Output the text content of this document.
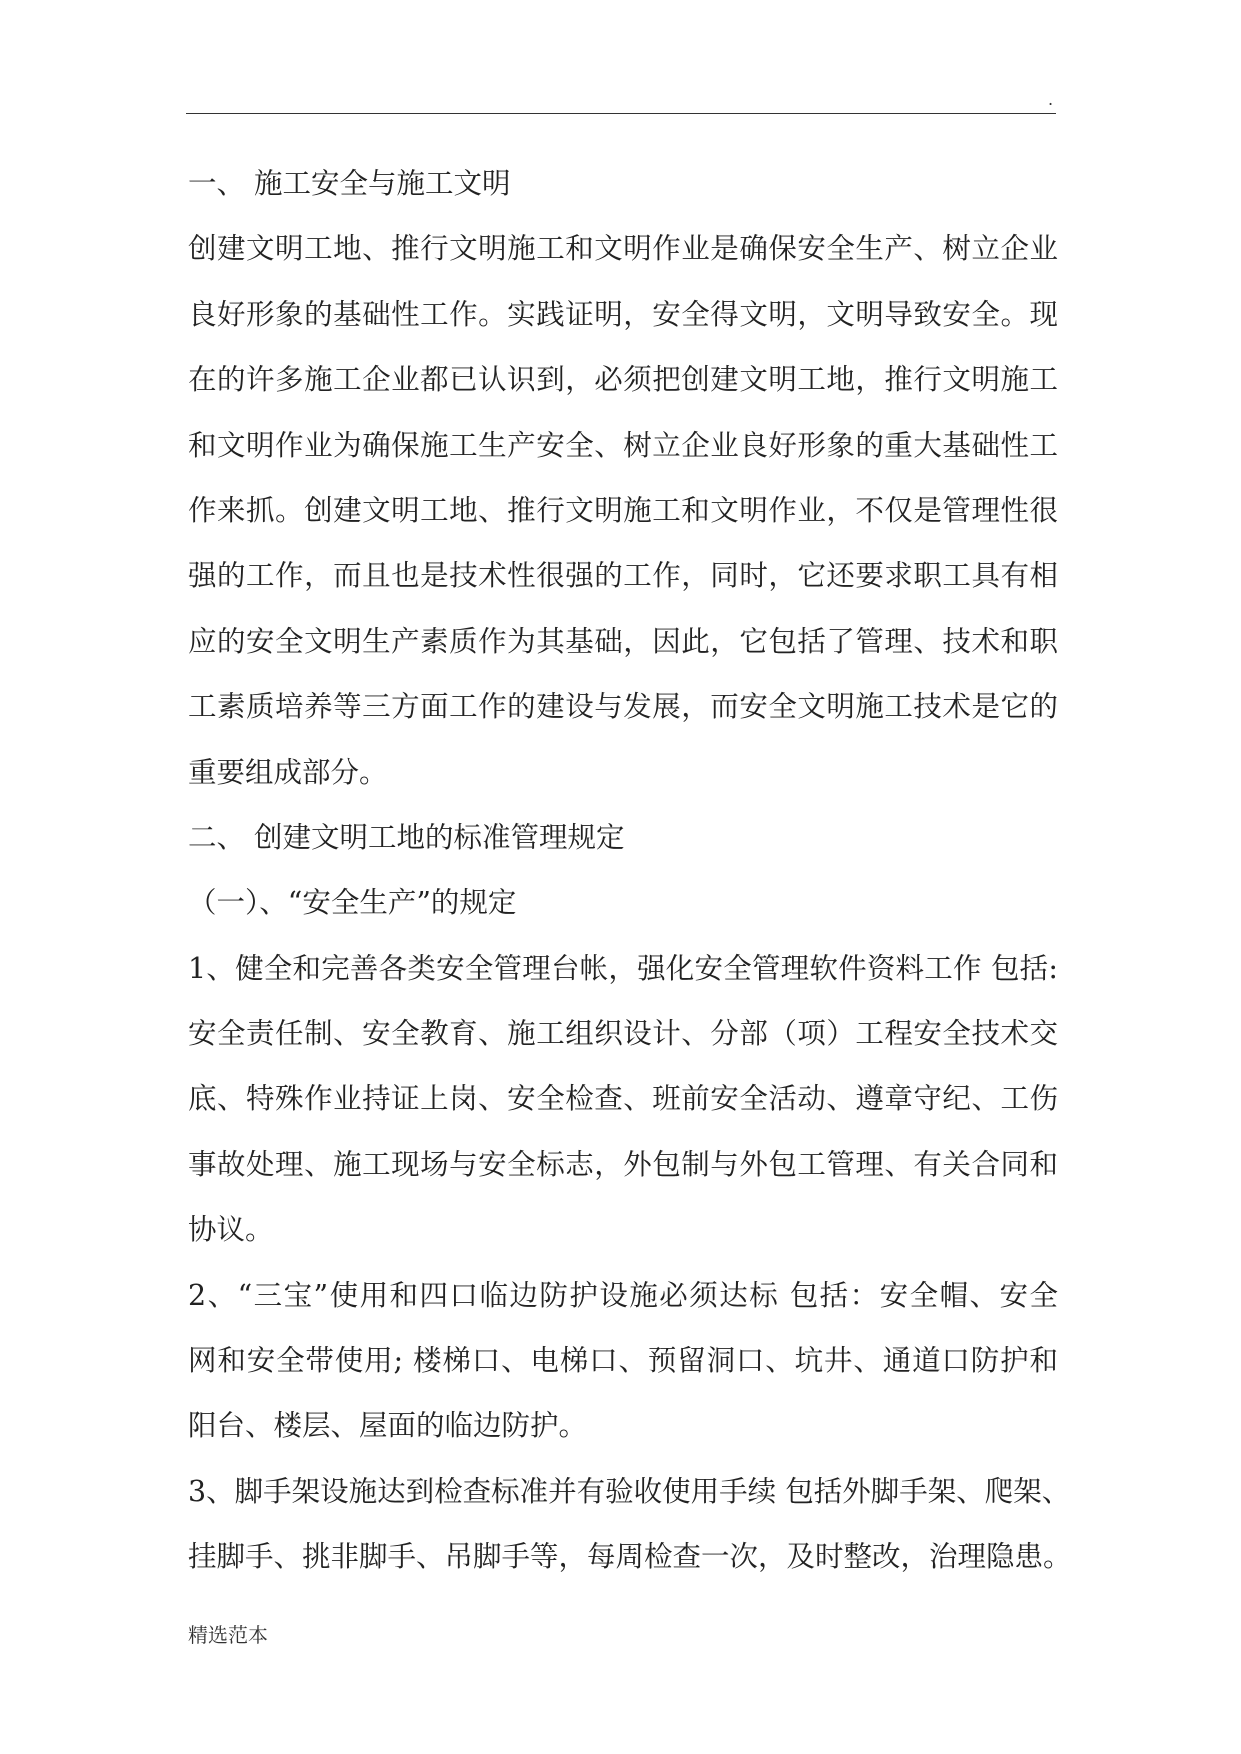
.
一、 施工安全与施工文明
创建文明工地、推行文明施工和文明作业是确保安全生产、树立企业
良好形象的基础性工作。实践证明，安全得文明，文明导致安全。现
在的许多施工企业都已认识到，必须把创建文明工地，推行文明施工
和文明作业为确保施工生产安全、树立企业良好形象的重大基础性工
作来抓。创建文明工地、推行文明施工和文明作业，不仅是管理性很
强的工作，而且也是技术性很强的工作，同时，它还要求职工具有相
应的安全文明生产素质作为其基础，因此，它包括了管理、技术和职
工素质培养等三方面工作的建设与发展，而安全文明施工技术是它的
重要组成部分。
二、 创建文明工地的标准管理规定
（一）、“安全生产”的规定
1、健全和完善各类安全管理台帐，强化安全管理软件资料工作 包括:
安全责任制、安全教育、施工组织设计、分部（项）工程安全技术交
底、特殊作业持证上岗、安全检查、班前安全活动、遵章守纪、工伤
事故处理、施工现场与安全标志，外包制与外包工管理、有关合同和
协议。
2、“三宝”使用和四口临边防护设施必须达标 包括：安全帽、安全
网和安全带使用; 楼梯口、电梯口、预留洞口、坑井、通道口防护和
阳台、楼层、屋面的临边防护。
3、脚手架设施达到检查标准并有验收使用手续 包括外脚手架、爬架、
挂脚手、挑非脚手、吊脚手等，每周检查一次，及时整改，治理隐患。
精选范本
